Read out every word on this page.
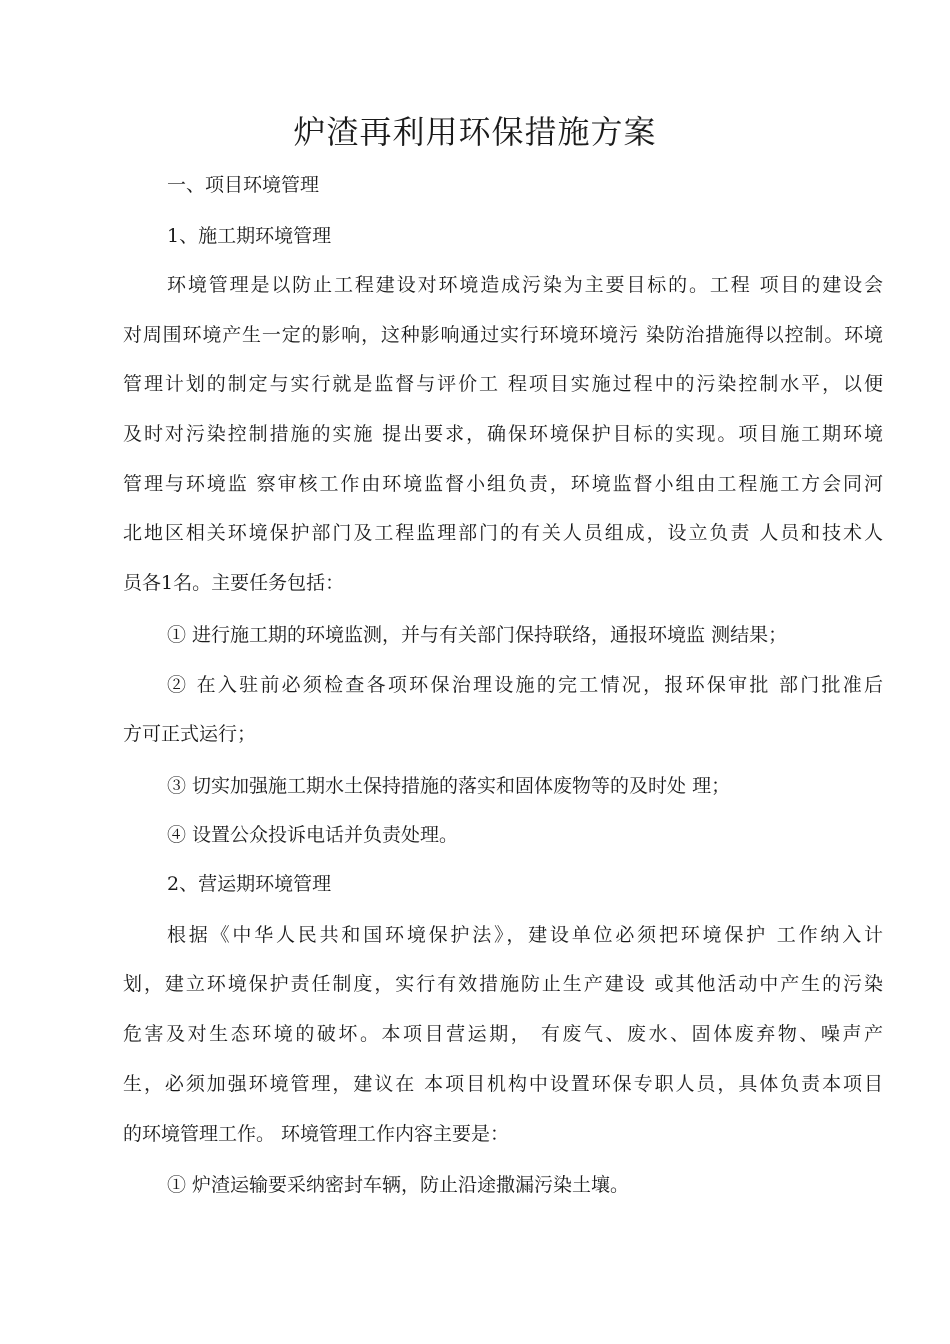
炉渣再利用环保措施方案
一、项目环境管理
1、施工期环境管理
环境管理是以防止工程建设对环境造成污染为主要目标的。工程 项目的建设会
对周围环境产生一定的影响，这种影响通过实行环境环境污 染防治措施得以控制。环境
管理计划的制定与实行就是监督与评价工 程项目实施过程中的污染控制水平，以便
及时对污染控制措施的实施 提出要求，确保环境保护目标的实现。项目施工期环境
管理与环境监 察审核工作由环境监督小组负责，环境监督小组由工程施工方会同河
北地区相关环境保护部门及工程监理部门的有关人员组成，设立负责 人员和技术人
员各1名。主要任务包括：
① 进行施工期的环境监测，并与有关部门保持联络，通报环境监 测结果；
② 在入驻前必须检查各项环保治理设施的完工情况，报环保审批 部门批准后
方可正式运行；
③ 切实加强施工期水土保持措施的落实和固体废物等的及时处 理；
④ 设置公众投诉电话并负责处理。
2、营运期环境管理
根据《中华人民共和国环境保护法》，建设单位必须把环境保护 工作纳入计
划，建立环境保护责任制度，实行有效措施防止生产建设 或其他活动中产生的污染
危害及对生态环境的破坏。本项目营运期， 有废气、废水、固体废弃物、噪声产
生，必须加强环境管理，建议在 本项目机构中设置环保专职人员，具体负责本项目
的环境管理工作。 环境管理工作内容主要是：
① 炉渣运输要采纳密封车辆，防止沿途撒漏污染土壤。
